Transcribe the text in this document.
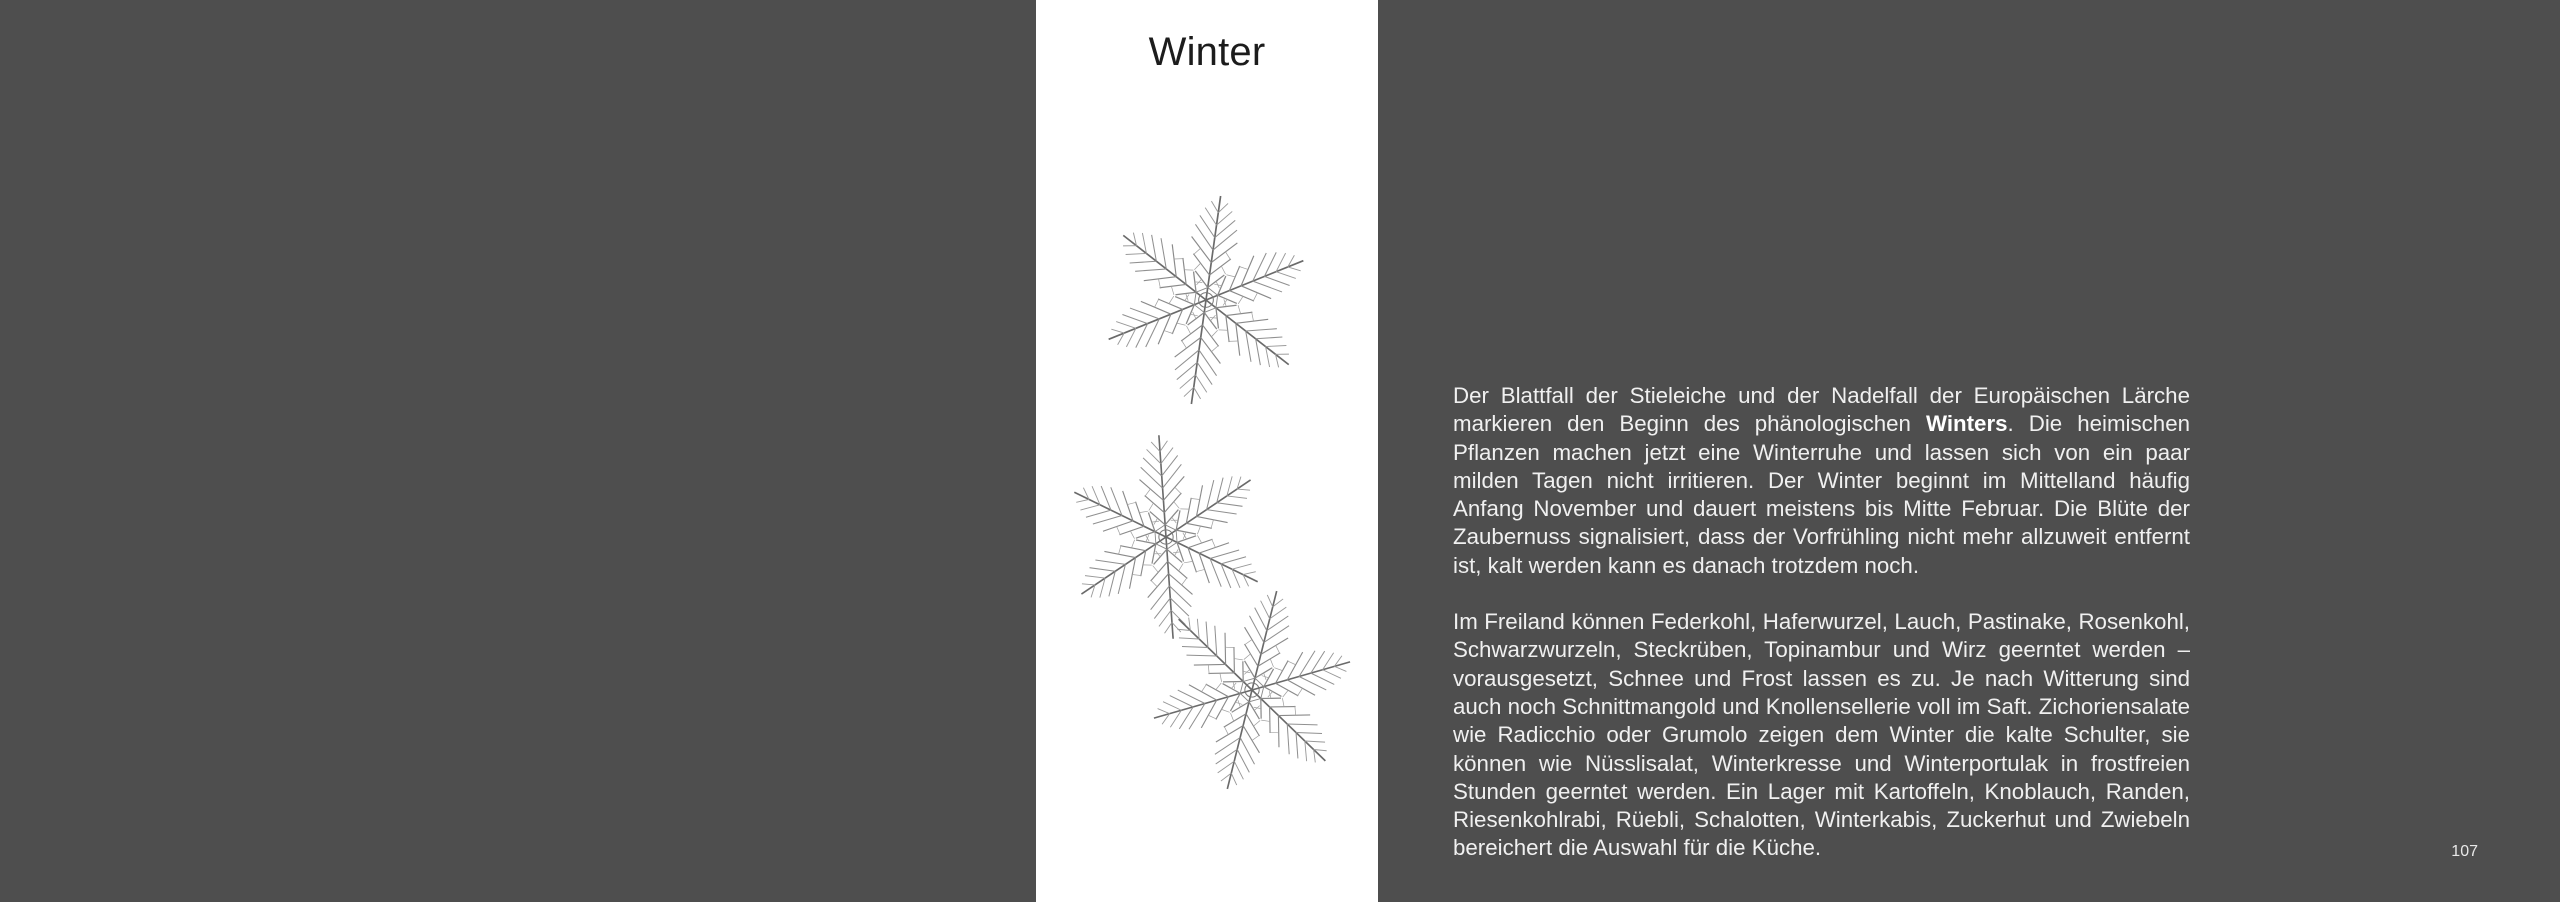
Winter

Der Blattfall der Stieleiche und der Nadelfall der Europäischen Lärche markieren den Beginn des phänologischen Winters. Die heimischen Pflanzen machen jetzt eine Winterruhe und lassen sich von ein paar milden Tagen nicht irritieren. Der Winter beginnt im Mittelland häufig Anfang November und dauert meistens bis Mitte Februar. Die Blüte der Zaubernuss signalisiert, dass der Vorfrühling nicht mehr allzuweit entfernt ist, kalt werden kann es danach trotzdem noch.

Im Freiland können Federkohl, Haferwurzel, Lauch, Pastinake, Rosenkohl, Schwarzwurzeln, Steckrüben, Topinambur und Wirz geerntet werden – vorausgesetzt, Schnee und Frost lassen es zu. Je nach Witterung sind auch noch Schnittmangold und Knollensellerie voll im Saft. Zichoriensalate wie Radicchio oder Grumolo zeigen dem Winter die kalte Schulter, sie können wie Nüsslisalat, Winterkresse und Winterportulak in frostfreien Stunden geerntet werden. Ein Lager mit Kartoffeln, Knoblauch, Randen, Riesenkohlrabi, Rüebli, Schalotten, Winterkabis, Zuckerhut und Zwiebeln bereichert die Auswahl für die Küche.	107
